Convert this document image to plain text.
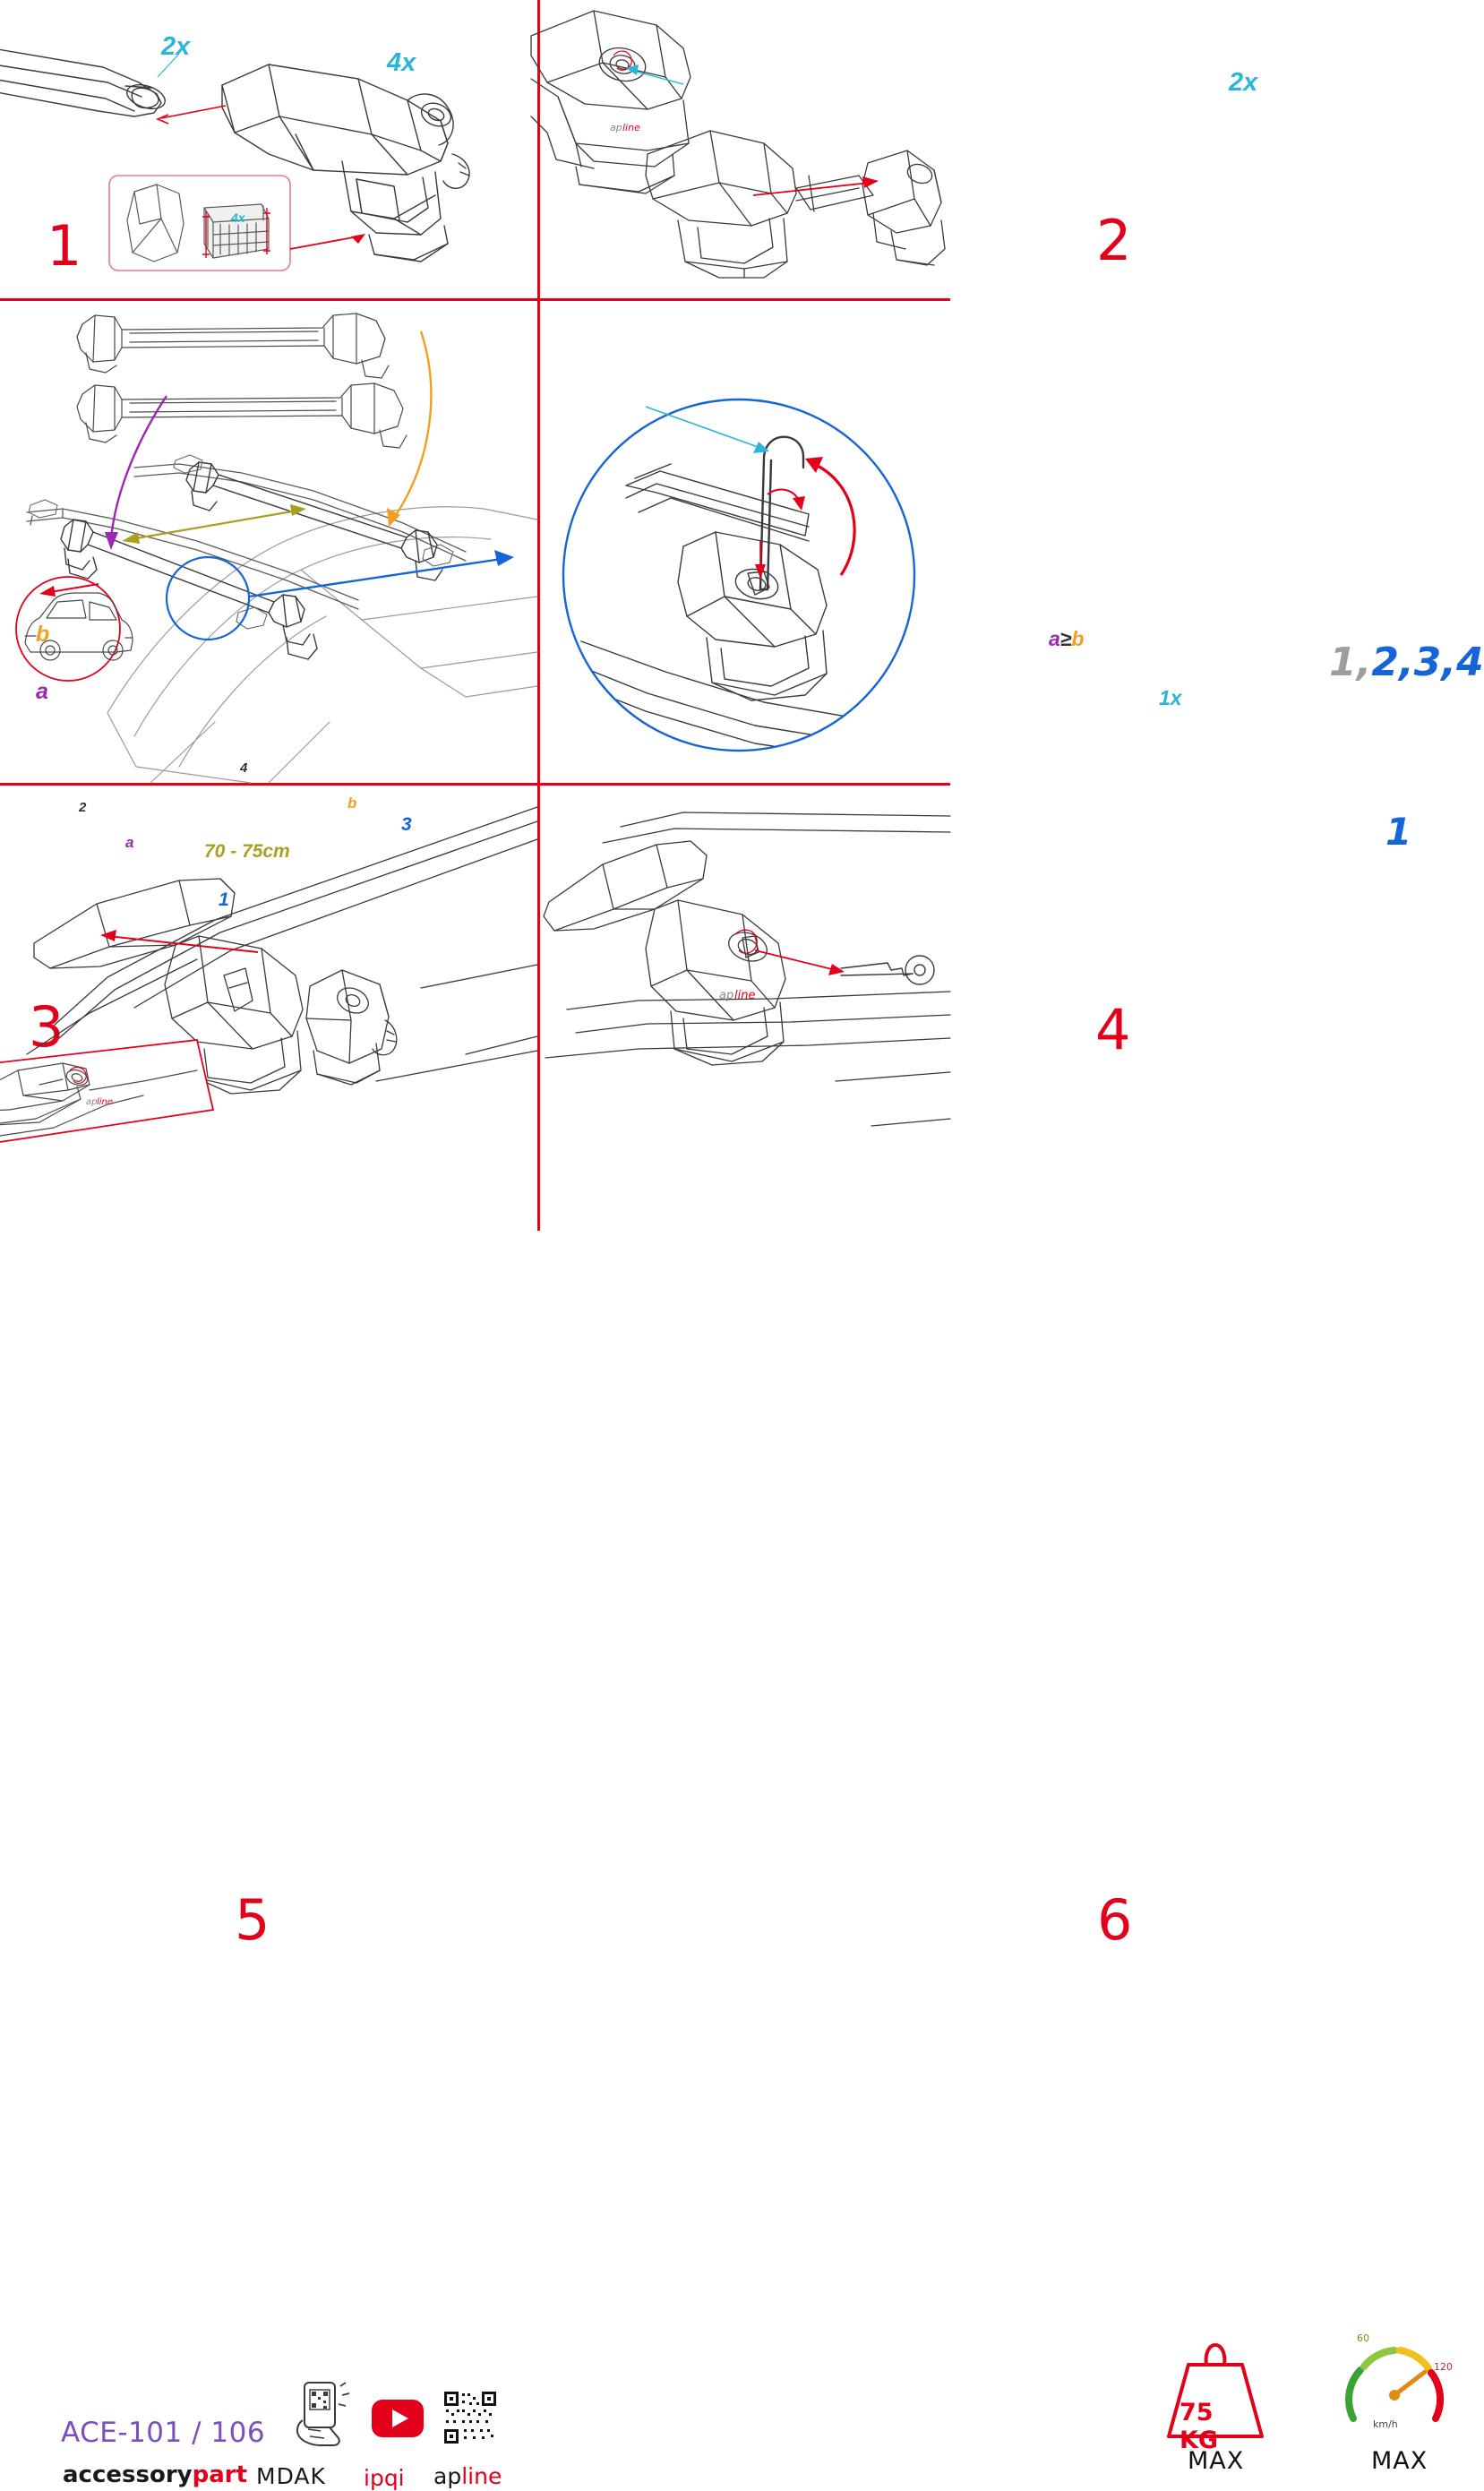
2x
4x
4x
1
ap line
2x
2
b
a
a
b
70 - 75cm
1
2
3
4
3
a≥b
1x
1,2,3,4
1
4
ap line
5
ap line
6
ACE-101 / 106
accessorypart MDAK ipqi apline
75 KG
MAX
60
120
km/h
MAX
